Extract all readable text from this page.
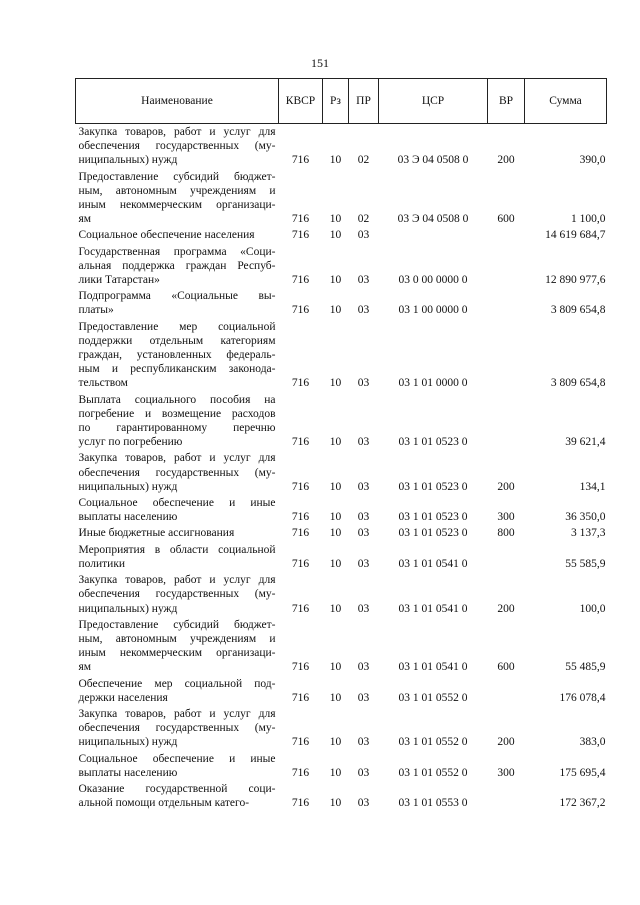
151
Наименование	КВСР	Рз	ПР	ЦСР	ВР	Сумма

Закупка товаров, работ и услуг для
обеспечения государственных (му-
ниципальных) нужд	716	10	02	03 Э 04 0508 0	200	390,0

Предоставление субсидий бюджет-
ным, автономным учреждениям и
иным некоммерческим организаци-
ям	716	10	02	03 Э 04 0508 0	600	1 100,0

Социальное обеспечение населения	716	10	03			14 619 684,7

Государственная программа «Соци-
альная поддержка граждан Респуб-
лики Татарстан»	716	10	03	03 0 00 0000 0		12 890 977,6

Подпрограмма «Социальные вы-
платы»	716	10	03	03 1 00 0000 0		3 809 654,8

Предоставление мер социальной
поддержки отдельным категориям
граждан, установленных федераль-
ным и республиканским законода-
тельством	716	10	03	03 1 01 0000 0		3 809 654,8

Выплата социального пособия на
погребение и возмещение расходов
по гарантированному перечню
услуг по погребению	716	10	03	03 1 01 0523 0		39 621,4

Закупка товаров, работ и услуг для
обеспечения государственных (му-
ниципальных) нужд	716	10	03	03 1 01 0523 0	200	134,1

Социальное обеспечение и иные
выплаты населению	716	10	03	03 1 01 0523 0	300	36 350,0

Иные бюджетные ассигнования	716	10	03	03 1 01 0523 0	800	3 137,3

Мероприятия в области социальной
политики	716	10	03	03 1 01 0541 0		55 585,9

Закупка товаров, работ и услуг для
обеспечения государственных (му-
ниципальных) нужд	716	10	03	03 1 01 0541 0	200	100,0

Предоставление субсидий бюджет-
ным, автономным учреждениям и
иным некоммерческим организаци-
ям	716	10	03	03 1 01 0541 0	600	55 485,9

Обеспечение мер социальной под-
держки населения	716	10	03	03 1 01 0552 0		176 078,4

Закупка товаров, работ и услуг для
обеспечения государственных (му-
ниципальных) нужд	716	10	03	03 1 01 0552 0	200	383,0

Социальное обеспечение и иные
выплаты населению	716	10	03	03 1 01 0552 0	300	175 695,4

Оказание государственной соци-
альной помощи отдельным катего-	716	10	03	03 1 01 0553 0		172 367,2
